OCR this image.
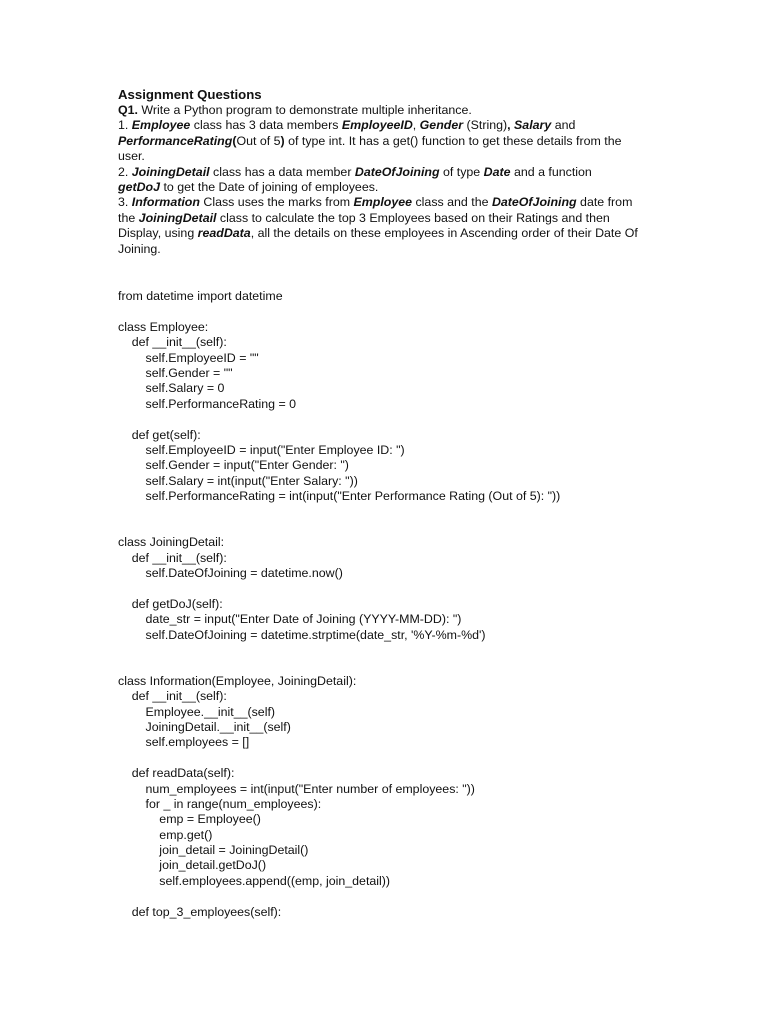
Assignment Questions

Q1. Write a Python program to demonstrate multiple inheritance.

1. Employee class has 3 data members EmployeeID, Gender (String), Salary and
PerformanceRating(Out of 5) of type int. It has a get() function to get these details from the user.

2. JoiningDetail class has a data member DateOfJoining of type Date and a function
getDoJ to get the Date of joining of employees.

3. Information Class uses the marks from Employee class and the DateOfJoining date from the JoiningDetail class to calculate the top 3 Employees based on their Ratings and then Display, using readData, all the details on these employees in Ascending order of their Date Of Joining.

from datetime import datetime
class Employee:
def __init__(self):
self.EmployeeID = ""
self.Gender = ""
self.Salary = 0
self.PerformanceRating = 0
def get(self):
self.EmployeeID = input("Enter Employee ID: ")
self.Gender = input("Enter Gender: ")
self.Salary = int(input("Enter Salary: "))
self.PerformanceRating = int(input("Enter Performance Rating (Out of 5): "))
class JoiningDetail:
def __init__(self):
self.DateOfJoining = datetime.now()
def getDoJ(self):
date_str = input("Enter Date of Joining (YYYY-MM-DD): ")
self.DateOfJoining = datetime.strptime(date_str, '%Y-%m-%d')
class Information(Employee, JoiningDetail):
def __init__(self):
Employee.__init__(self)
JoiningDetail.__init__(self)
self.employees = []
def readData(self):
num_employees = int(input("Enter number of employees: "))
for _ in range(num_employees):
emp = Employee()
emp.get()
join_detail = JoiningDetail()
join_detail.getDoJ()
self.employees.append((emp, join_detail))
def top_3_employees(self):
